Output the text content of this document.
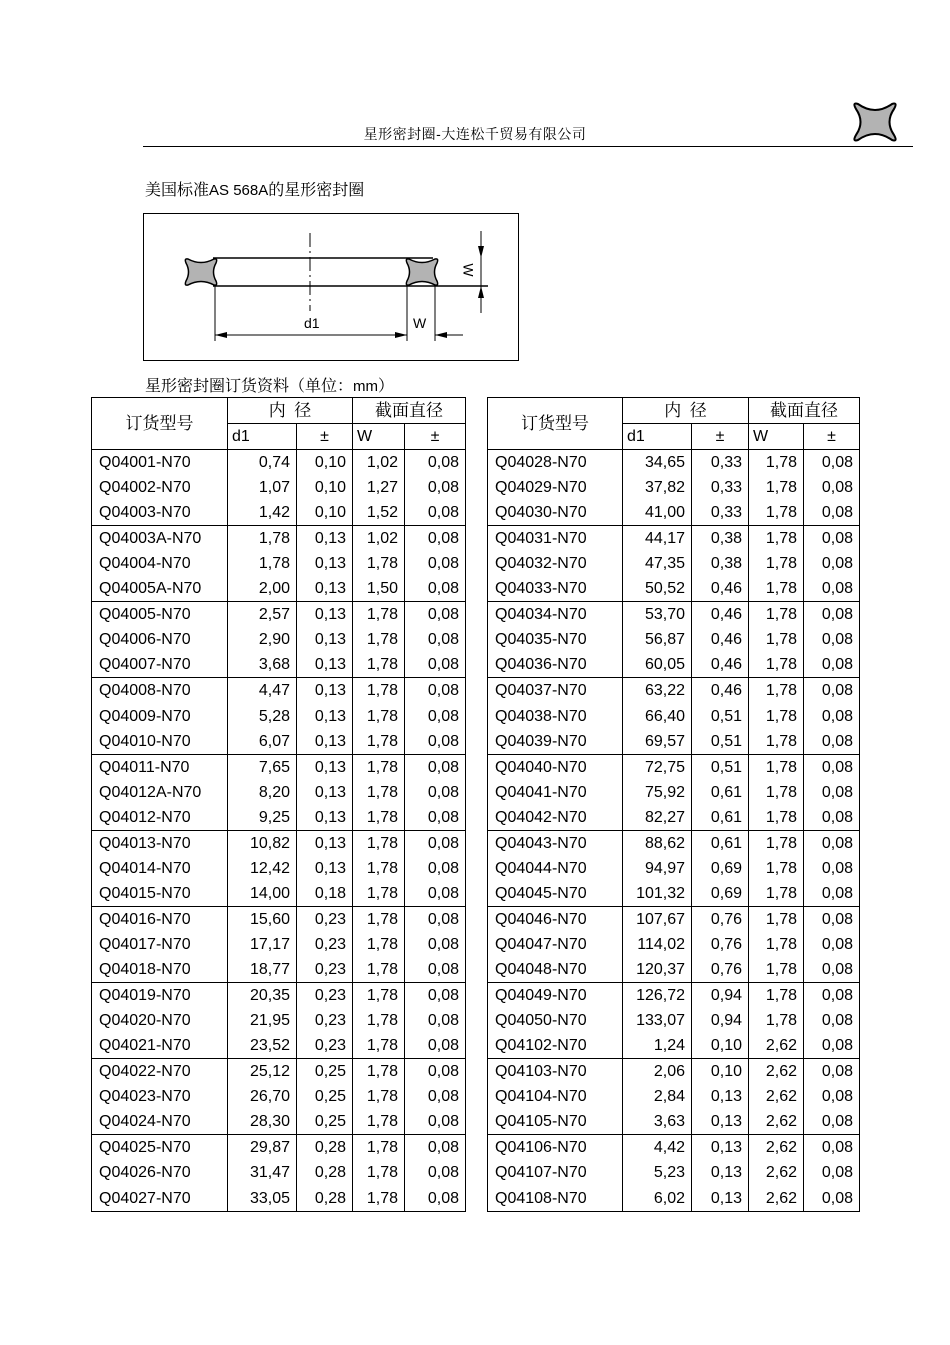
星形密封圈-大连松千贸易有限公司
美国标准AS 568A的星形密封圈
d1	W
W
星形密封圈订货资料（单位：mm）
订货型号	内  径		截面直径	
	d1	±	W	±
Q04001-N70	0,74	0,10	1,02	0,08
Q04002-N70	1,07	0,10	1,27	0,08
Q04003-N70	1,42	0,10	1,52	0,08
Q04003A-N70	1,78	0,13	1,02	0,08
Q04004-N70	1,78	0,13	1,78	0,08
Q04005A-N70	2,00	0,13	1,50	0,08
Q04005-N70	2,57	0,13	1,78	0,08
Q04006-N70	2,90	0,13	1,78	0,08
Q04007-N70	3,68	0,13	1,78	0,08
Q04008-N70	4,47	0,13	1,78	0,08
Q04009-N70	5,28	0,13	1,78	0,08
Q04010-N70	6,07	0,13	1,78	0,08
Q04011-N70	7,65	0,13	1,78	0,08
Q04012A-N70	8,20	0,13	1,78	0,08
Q04012-N70	9,25	0,13	1,78	0,08
Q04013-N70	10,82	0,13	1,78	0,08
Q04014-N70	12,42	0,13	1,78	0,08
Q04015-N70	14,00	0,18	1,78	0,08
Q04016-N70	15,60	0,23	1,78	0,08
Q04017-N70	17,17	0,23	1,78	0,08
Q04018-N70	18,77	0,23	1,78	0,08
Q04019-N70	20,35	0,23	1,78	0,08
Q04020-N70	21,95	0,23	1,78	0,08
Q04021-N70	23,52	0,23	1,78	0,08
Q04022-N70	25,12	0,25	1,78	0,08
Q04023-N70	26,70	0,25	1,78	0,08
Q04024-N70	28,30	0,25	1,78	0,08
Q04025-N70	29,87	0,28	1,78	0,08
Q04026-N70	31,47	0,28	1,78	0,08
Q04027-N70	33,05	0,28	1,78	0,08
订货型号	内  径		截面直径	
	d1	±	W	±
Q04028-N70	34,65	0,33	1,78	0,08
Q04029-N70	37,82	0,33	1,78	0,08
Q04030-N70	41,00	0,33	1,78	0,08
Q04031-N70	44,17	0,38	1,78	0,08
Q04032-N70	47,35	0,38	1,78	0,08
Q04033-N70	50,52	0,46	1,78	0,08
Q04034-N70	53,70	0,46	1,78	0,08
Q04035-N70	56,87	0,46	1,78	0,08
Q04036-N70	60,05	0,46	1,78	0,08
Q04037-N70	63,22	0,46	1,78	0,08
Q04038-N70	66,40	0,51	1,78	0,08
Q04039-N70	69,57	0,51	1,78	0,08
Q04040-N70	72,75	0,51	1,78	0,08
Q04041-N70	75,92	0,61	1,78	0,08
Q04042-N70	82,27	0,61	1,78	0,08
Q04043-N70	88,62	0,61	1,78	0,08
Q04044-N70	94,97	0,69	1,78	0,08
Q04045-N70	101,32	0,69	1,78	0,08
Q04046-N70	107,67	0,76	1,78	0,08
Q04047-N70	114,02	0,76	1,78	0,08
Q04048-N70	120,37	0,76	1,78	0,08
Q04049-N70	126,72	0,94	1,78	0,08
Q04050-N70	133,07	0,94	1,78	0,08
Q04102-N70	1,24	0,10	2,62	0,08
Q04103-N70	2,06	0,10	2,62	0,08
Q04104-N70	2,84	0,13	2,62	0,08
Q04105-N70	3,63	0,13	2,62	0,08
Q04106-N70	4,42	0,13	2,62	0,08
Q04107-N70	5,23	0,13	2,62	0,08
Q04108-N70	6,02	0,13	2,62	0,08
